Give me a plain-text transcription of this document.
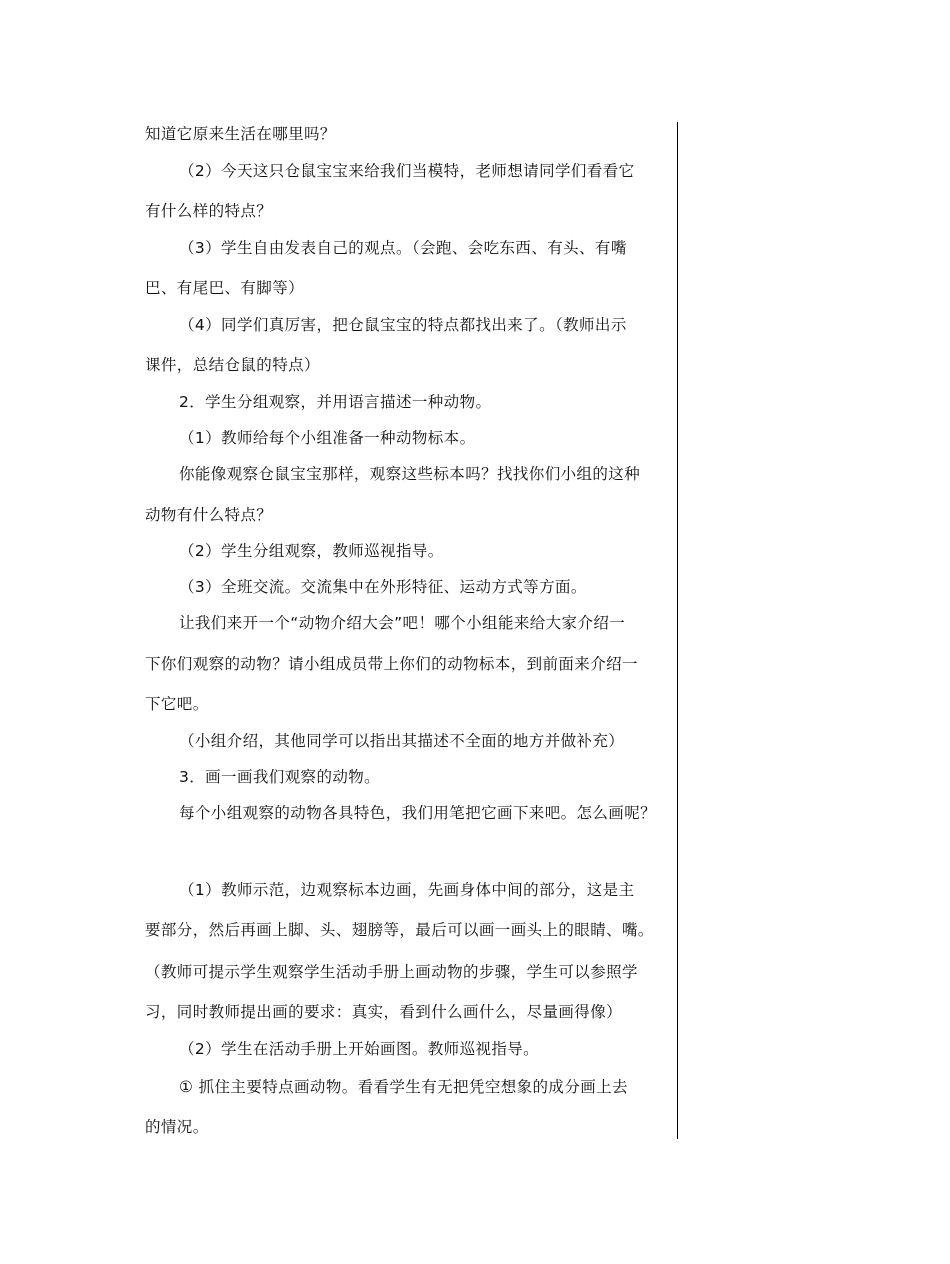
知道它原来生活在哪里吗？
（2）今天这只仓鼠宝宝来给我们当模特，老师想请同学们看看它
有什么样的特点？
（3）学生自由发表自己的观点。（会跑、会吃东西、有头、有嘴
巴、有尾巴、有脚等）
（4）同学们真厉害，把仓鼠宝宝的特点都找出来了。（教师出示
课件，总结仓鼠的特点）
2．学生分组观察，并用语言描述一种动物。
（1）教师给每个小组准备一种动物标本。
你能像观察仓鼠宝宝那样，观察这些标本吗？找找你们小组的这种
动物有什么特点？
（2）学生分组观察，教师巡视指导。
（3）全班交流。交流集中在外形特征、运动方式等方面。
让我们来开一个“动物介绍大会”吧！哪个小组能来给大家介绍一
下你们观察的动物？请小组成员带上你们的动物标本，到前面来介绍一
下它吧。
（小组介绍，其他同学可以指出其描述不全面的地方并做补充）
3．画一画我们观察的动物。
每个小组观察的动物各具特色，我们用笔把它画下来吧。怎么画呢？
（1）教师示范，边观察标本边画，先画身体中间的部分，这是主
要部分，然后再画上脚、头、翅膀等，最后可以画一画头上的眼睛、嘴。
（教师可提示学生观察学生活动手册上画动物的步骤，学生可以参照学
习，同时教师提出画的要求：真实，看到什么画什么，尽量画得像）
（2）学生在活动手册上开始画图。教师巡视指导。
① 抓住主要特点画动物。看看学生有无把凭空想象的成分画上去
的情况。
